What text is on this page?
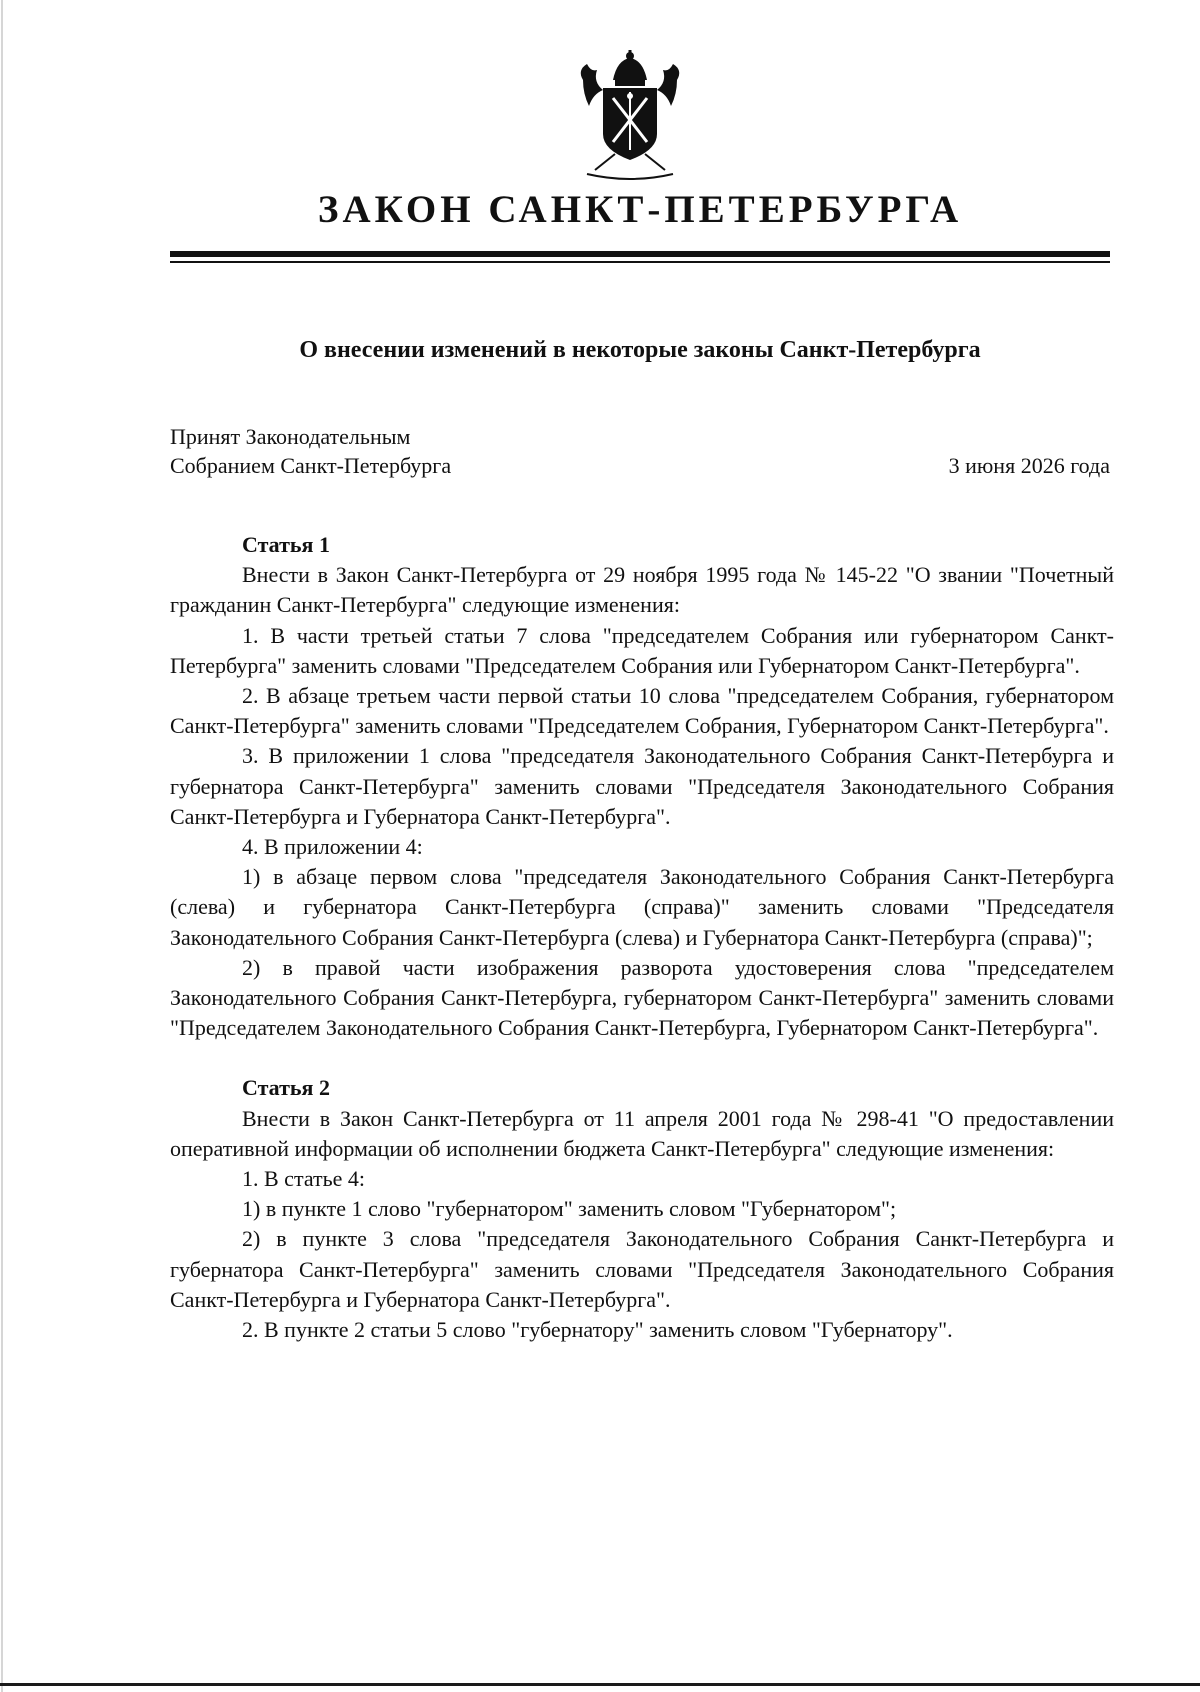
ЗАКОН САНКТ-ПЕТЕРБУРГА
О внесении изменений в некоторые законы Санкт-Петербурга
Принят Законодательным
Собранием Санкт-Петербурга	3 июня 2026 года
Статья 1

Внести в Закон Санкт-Петербурга от 29 ноября 1995 года № 145-22 "О звании "Почетный гражданин Санкт-Петербурга" следующие изменения:

1. В части третьей статьи 7 слова "председателем Собрания или губернатором Санкт-Петербурга" заменить словами "Председателем Собрания или Губернатором Санкт-Петербурга".

2. В абзаце третьем части первой статьи 10 слова "председателем Собрания, губернатором Санкт-Петербурга" заменить словами "Председателем Собрания, Губернатором Санкт-Петербурга".

3. В приложении 1 слова "председателя Законодательного Собрания Санкт-Петербурга и губернатора Санкт-Петербурга" заменить словами "Председателя Законодательного Собрания Санкт-Петербурга и Губернатора Санкт-Петербурга".

4. В приложении 4:

1) в абзаце первом слова "председателя Законодательного Собрания Санкт-Петербурга (слева) и губернатора Санкт-Петербурга (справа)" заменить словами "Председателя Законодательного Собрания Санкт-Петербурга (слева) и Губернатора Санкт-Петербурга (справа)";

2) в правой части изображения разворота удостоверения слова "председателем Законодательного Собрания Санкт-Петербурга, губернатором Санкт-Петербурга" заменить словами "Председателем Законодательного Собрания Санкт-Петербурга, Губернатором Санкт-Петербурга".

Статья 2

Внести в Закон Санкт-Петербурга от 11 апреля 2001 года № 298-41 "О предоставлении оперативной информации об исполнении бюджета Санкт-Петербурга" следующие изменения:

1. В статье 4:

1) в пункте 1 слово "губернатором" заменить словом "Губернатором";

2) в пункте 3 слова "председателя Законодательного Собрания Санкт-Петербурга и губернатора Санкт-Петербурга" заменить словами "Председателя Законодательного Собрания Санкт-Петербурга и Губернатора Санкт-Петербурга".

2. В пункте 2 статьи 5 слово "губернатору" заменить словом "Губернатору".
